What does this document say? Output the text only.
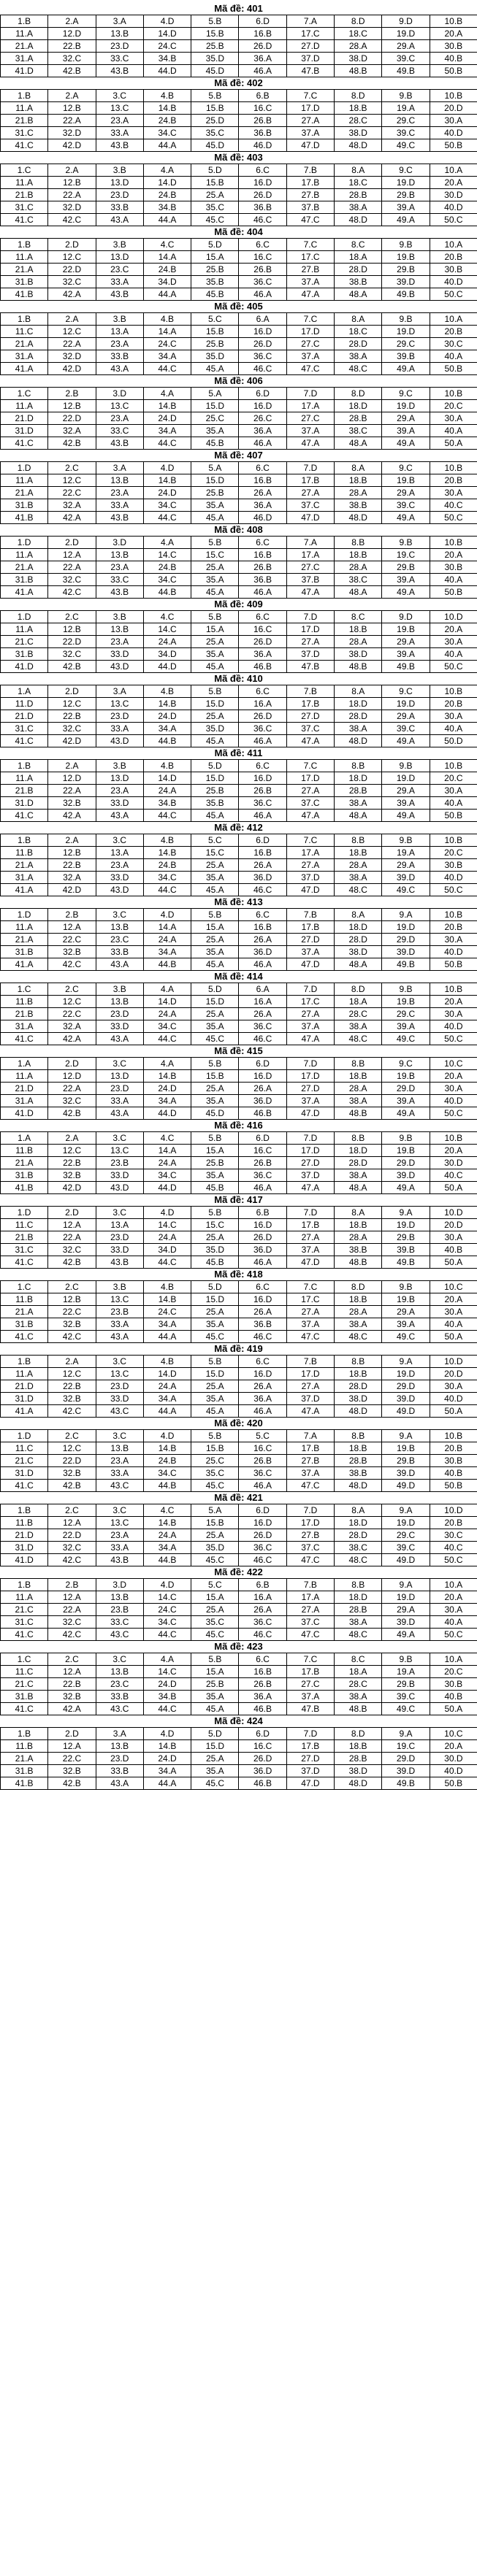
Mã đề: 401
1.B	2.A	3.A	4.D	5.B	6.D	7.A	8.D	9.D	10.B
11.A	12.D	13.B	14.D	15.B	16.B	17.C	18.C	19.D	20.A
21.A	22.B	23.D	24.C	25.B	26.D	27.D	28.A	29.A	30.B
31.A	32.C	33.C	34.B	35.D	36.A	37.D	38.D	39.C	40.B
41.D	42.B	43.B	44.D	45.D	46.A	47.B	48.B	49.B	50.B
Mã đề: 402
1.B	2.A	3.C	4.B	5.B	6.B	7.C	8.D	9.B	10.B
11.A	12.B	13.C	14.B	15.B	16.C	17.D	18.B	19.A	20.D
21.B	22.A	23.A	24.B	25.D	26.B	27.A	28.C	29.C	30.A
31.C	32.D	33.A	34.C	35.C	36.B	37.A	38.D	39.C	40.D
41.C	42.D	43.B	44.A	45.D	46.D	47.D	48.D	49.C	50.B
Mã đề: 403
1.C	2.A	3.B	4.A	5.D	6.C	7.B	8.A	9.C	10.A
11.A	12.B	13.D	14.D	15.B	16.D	17.B	18.C	19.D	20.A
21.B	22.A	23.D	24.B	25.A	26.D	27.B	28.B	29.B	30.D
31.C	32.D	33.B	34.B	35.C	36.B	37.B	38.A	39.A	40.D
41.C	42.C	43.A	44.A	45.C	46.C	47.C	48.D	49.A	50.C
Mã đề: 404
1.B	2.D	3.B	4.C	5.D	6.C	7.C	8.C	9.B	10.A
11.A	12.C	13.D	14.A	15.A	16.C	17.C	18.A	19.B	20.B
21.A	22.D	23.C	24.B	25.B	26.B	27.B	28.D	29.B	30.B
31.B	32.C	33.A	34.D	35.B	36.C	37.A	38.B	39.D	40.D
41.B	42.A	43.B	44.A	45.B	46.A	47.A	48.A	49.B	50.C
Mã đề: 405
1.B	2.A	3.B	4.B	5.C	6.A	7.C	8.A	9.B	10.A
11.C	12.C	13.A	14.A	15.B	16.D	17.D	18.C	19.D	20.B
21.A	22.A	23.A	24.C	25.B	26.D	27.C	28.D	29.C	30.C
31.A	32.D	33.B	34.A	35.D	36.C	37.A	38.A	39.B	40.A
41.A	42.D	43.A	44.C	45.A	46.C	47.C	48.C	49.A	50.B
Mã đề: 406
1.C	2.B	3.D	4.A	5.A	6.D	7.D	8.D	9.C	10.B
11.A	12.B	13.C	14.B	15.D	16.D	17.A	18.D	19.D	20.C
21.D	22.D	23.A	24.D	25.C	26.C	27.C	28.B	29.A	30.A
31.D	32.A	33.C	34.A	35.A	36.A	37.A	38.C	39.A	40.A
41.C	42.B	43.B	44.C	45.B	46.A	47.A	48.A	49.A	50.A
Mã đề: 407
1.D	2.C	3.A	4.D	5.A	6.C	7.D	8.A	9.C	10.B
11.A	12.C	13.B	14.B	15.D	16.B	17.B	18.B	19.B	20.B
21.A	22.C	23.A	24.D	25.B	26.A	27.A	28.A	29.A	30.A
31.B	32.A	33.A	34.C	35.A	36.A	37.C	38.B	39.C	40.C
41.B	42.A	43.B	44.C	45.A	46.D	47.D	48.D	49.A	50.C
Mã đề: 408
1.D	2.D	3.D	4.A	5.B	6.C	7.A	8.B	9.B	10.B
11.A	12.A	13.B	14.C	15.C	16.B	17.A	18.B	19.C	20.A
21.A	22.A	23.A	24.B	25.A	26.B	27.C	28.A	29.B	30.B
31.B	32.C	33.C	34.C	35.A	36.B	37.B	38.C	39.A	40.A
41.A	42.C	43.B	44.B	45.A	46.A	47.A	48.A	49.A	50.B
Mã đề: 409
1.D	2.C	3.B	4.C	5.B	6.C	7.D	8.C	9.D	10.D
11.A	12.B	13.B	14.C	15.A	16.C	17.D	18.B	19.B	20.A
21.C	22.D	23.A	24.A	25.A	26.D	27.A	28.A	29.A	30.A
31.B	32.C	33.D	34.D	35.A	36.A	37.D	38.D	39.A	40.A
41.D	42.B	43.D	44.D	45.A	46.B	47.B	48.B	49.B	50.C
Mã đề: 410
1.A	2.D	3.A	4.B	5.B	6.C	7.B	8.A	9.C	10.B
11.D	12.C	13.C	14.B	15.D	16.A	17.B	18.D	19.D	20.B
21.D	22.B	23.D	24.D	25.A	26.D	27.D	28.D	29.A	30.A
31.C	32.C	33.A	34.A	35.D	36.C	37.C	38.A	39.C	40.A
41.C	42.D	43.D	44.B	45.A	46.A	47.A	48.D	49.A	50.D
Mã đề: 411
1.B	2.A	3.B	4.B	5.D	6.C	7.C	8.B	9.B	10.B
11.A	12.D	13.D	14.D	15.D	16.D	17.D	18.D	19.D	20.C
21.B	22.A	23.A	24.A	25.B	26.B	27.A	28.B	29.A	30.A
31.D	32.B	33.D	34.B	35.B	36.C	37.C	38.A	39.A	40.A
41.C	42.A	43.A	44.C	45.A	46.A	47.A	48.A	49.A	50.B
Mã đề: 412
1.B	2.A	3.C	4.B	5.C	6.D	7.C	8.B	9.B	10.B
11.B	12.B	13.A	14.B	15.C	16.B	17.A	18.B	19.A	20.C
21.A	22.B	23.A	24.B	25.A	26.A	27.A	28.A	29.A	30.B
31.A	32.A	33.D	34.C	35.A	36.D	37.D	38.A	39.D	40.D
41.A	42.D	43.D	44.C	45.A	46.C	47.D	48.C	49.C	50.C
Mã đề: 413
1.D	2.B	3.C	4.D	5.B	6.C	7.B	8.A	9.A	10.B
11.A	12.A	13.B	14.A	15.A	16.B	17.B	18.D	19.D	20.B
21.A	22.C	23.C	24.A	25.A	26.A	27.D	28.D	29.D	30.A
31.B	32.B	33.B	34.A	35.A	36.D	37.A	38.D	39.D	40.D
41.A	42.C	43.A	44.B	45.A	46.A	47.D	48.A	49.B	50.B
Mã đề: 414
1.C	2.C	3.B	4.A	5.D	6.A	7.D	8.D	9.B	10.B
11.B	12.C	13.B	14.D	15.D	16.A	17.C	18.A	19.B	20.A
21.B	22.C	23.D	24.A	25.A	26.A	27.A	28.C	29.C	30.A
31.A	32.A	33.D	34.C	35.A	36.C	37.A	38.A	39.A	40.D
41.C	42.A	43.A	44.C	45.C	46.C	47.A	48.C	49.C	50.C
Mã đề: 415
1.A	2.D	3.C	4.A	5.B	6.D	7.D	8.B	9.C	10.C
11.A	12.D	13.D	14.B	15.B	16.D	17.D	18.B	19.B	20.A
21.D	22.A	23.D	24.D	25.A	26.A	27.D	28.A	29.D	30.A
31.A	32.C	33.A	34.A	35.A	36.D	37.A	38.A	39.A	40.D
41.D	42.B	43.A	44.D	45.D	46.B	47.D	48.B	49.A	50.C
Mã đề: 416
1.A	2.A	3.C	4.C	5.B	6.D	7.D	8.B	9.B	10.B
11.B	12.C	13.C	14.A	15.A	16.C	17.D	18.D	19.B	20.A
21.A	22.B	23.B	24.A	25.B	26.B	27.D	28.D	29.D	30.D
31.B	32.B	33.D	34.C	35.A	36.C	37.D	38.A	39.D	40.C
41.B	42.D	43.D	44.D	45.B	46.A	47.A	48.A	49.A	50.A
Mã đề: 417
1.D	2.D	3.C	4.D	5.B	6.B	7.D	8.A	9.A	10.D
11.C	12.A	13.A	14.C	15.C	16.D	17.B	18.B	19.D	20.D
21.B	22.A	23.D	24.A	25.A	26.D	27.A	28.A	29.B	30.A
31.C	32.C	33.D	34.D	35.D	36.D	37.A	38.B	39.B	40.B
41.C	42.B	43.B	44.C	45.B	46.A	47.D	48.B	49.B	50.A
Mã đề: 418
1.C	2.C	3.B	4.B	5.D	6.C	7.C	8.D	9.B	10.C
11.B	12.B	13.C	14.B	15.D	16.D	17.C	18.B	19.B	20.A
21.A	22.C	23.B	24.C	25.A	26.A	27.A	28.A	29.A	30.A
31.B	32.B	33.A	34.A	35.A	36.B	37.A	38.A	39.A	40.A
41.C	42.C	43.A	44.A	45.C	46.C	47.C	48.C	49.C	50.A
Mã đề: 419
1.B	2.A	3.C	4.B	5.B	6.C	7.B	8.B	9.A	10.D
11.A	12.C	13.C	14.D	15.D	16.D	17.D	18.B	19.D	20.D
21.D	22.B	23.D	24.A	25.A	26.A	27.A	28.D	29.D	30.A
31.D	32.B	33.D	34.A	35.A	36.A	37.D	38.D	39.D	40.D
41.A	42.C	43.C	44.A	45.A	46.A	47.A	48.D	49.D	50.A
Mã đề: 420
1.D	2.C	3.C	4.D	5.B	5.C	7.A	8.B	9.A	10.B
11.C	12.C	13.B	14.B	15.B	16.C	17.B	18.B	19.B	20.B
21.C	22.D	23.A	24.B	25.C	26.B	27.B	28.B	29.B	30.B
31.D	32.B	33.A	34.C	35.C	36.C	37.A	38.B	39.D	40.B
41.C	42.B	43.C	44.B	45.C	46.A	47.C	48.D	49.D	50.B
Mã đề: 421
1.B	2.C	3.C	4.C	5.A	6.D	7.D	8.A	9.A	10.D
11.B	12.A	13.C	14.B	15.B	16.D	17.D	18.D	19.D	20.B
21.D	22.D	23.A	24.A	25.A	26.D	27.B	28.D	29.C	30.C
31.D	32.C	33.A	34.A	35.D	36.C	37.C	38.C	39.C	40.C
41.D	42.C	43.B	44.B	45.C	46.C	47.C	48.C	49.D	50.C
Mã đề: 422
1.B	2.B	3.D	4.D	5.C	6.B	7.B	8.B	9.A	10.A
11.A	12.A	13.B	14.C	15.A	16.A	17.A	18.D	19.D	20.A
21.C	22.A	23.B	24.C	25.A	26.A	27.A	28.B	29.A	30.A
31.C	32.C	33.C	34.C	35.C	36.C	37.C	38.A	39.D	40.A
41.C	42.C	43.C	44.C	45.C	46.C	47.C	48.C	49.A	50.C
Mã đề: 423
1.C	2.C	3.C	4.A	5.B	6.C	7.C	8.C	9.B	10.A
11.C	12.A	13.B	14.C	15.A	16.B	17.B	18.A	19.A	20.C
21.C	22.B	23.C	24.D	25.B	26.B	27.C	28.C	29.B	30.B
31.B	32.B	33.B	34.B	35.A	36.A	37.A	38.A	39.C	40.B
41.C	42.A	43.C	44.C	45.A	46.B	47.B	48.B	49.C	50.A
Mã đề: 424
1.B	2.D	3.A	4.D	5.D	6.D	7.D	8.D	9.A	10.C
11.B	12.A	13.B	14.B	15.D	16.C	17.B	18.B	19.C	20.A
21.A	22.C	23.D	24.D	25.A	26.D	27.D	28.B	29.D	30.D
31.B	32.B	33.B	34.A	35.A	36.D	37.D	38.D	39.D	40.D
41.B	42.B	43.A	44.A	45.C	46.B	47.D	48.D	49.B	50.B
